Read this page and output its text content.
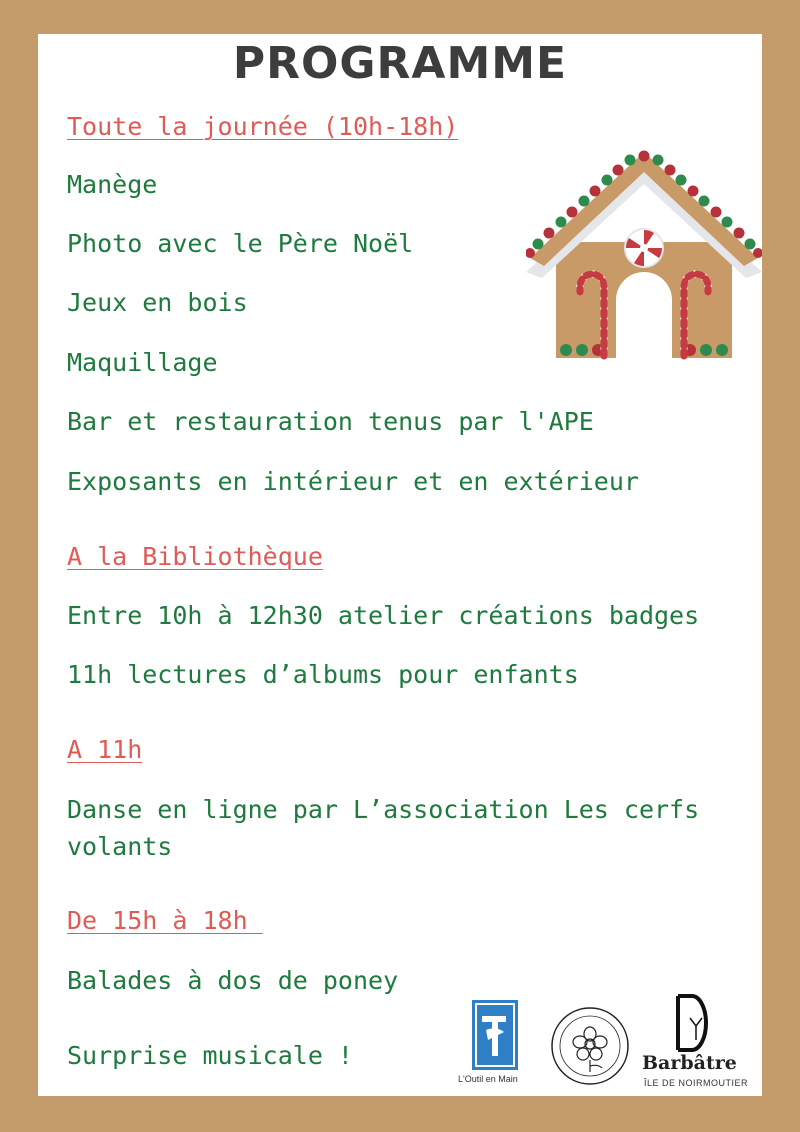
PROGRAMME
Toute la journée (10h-18h)
Manège
Photo avec le Père Noël
Jeux en bois
Maquillage
Bar et restauration tenus par l'APE
Exposants en intérieur et en extérieur
A la Bibliothèque
Entre 10h à 12h30 atelier créations badges
11h lectures d’albums pour enfants
A 11h
Danse en ligne par L’association Les cerfs volants
De 15h à 18h
Balades à dos de poney
Surprise musicale !
L'Outil en Main
Barbâtre
ÎLE DE NOIRMOUTIER
